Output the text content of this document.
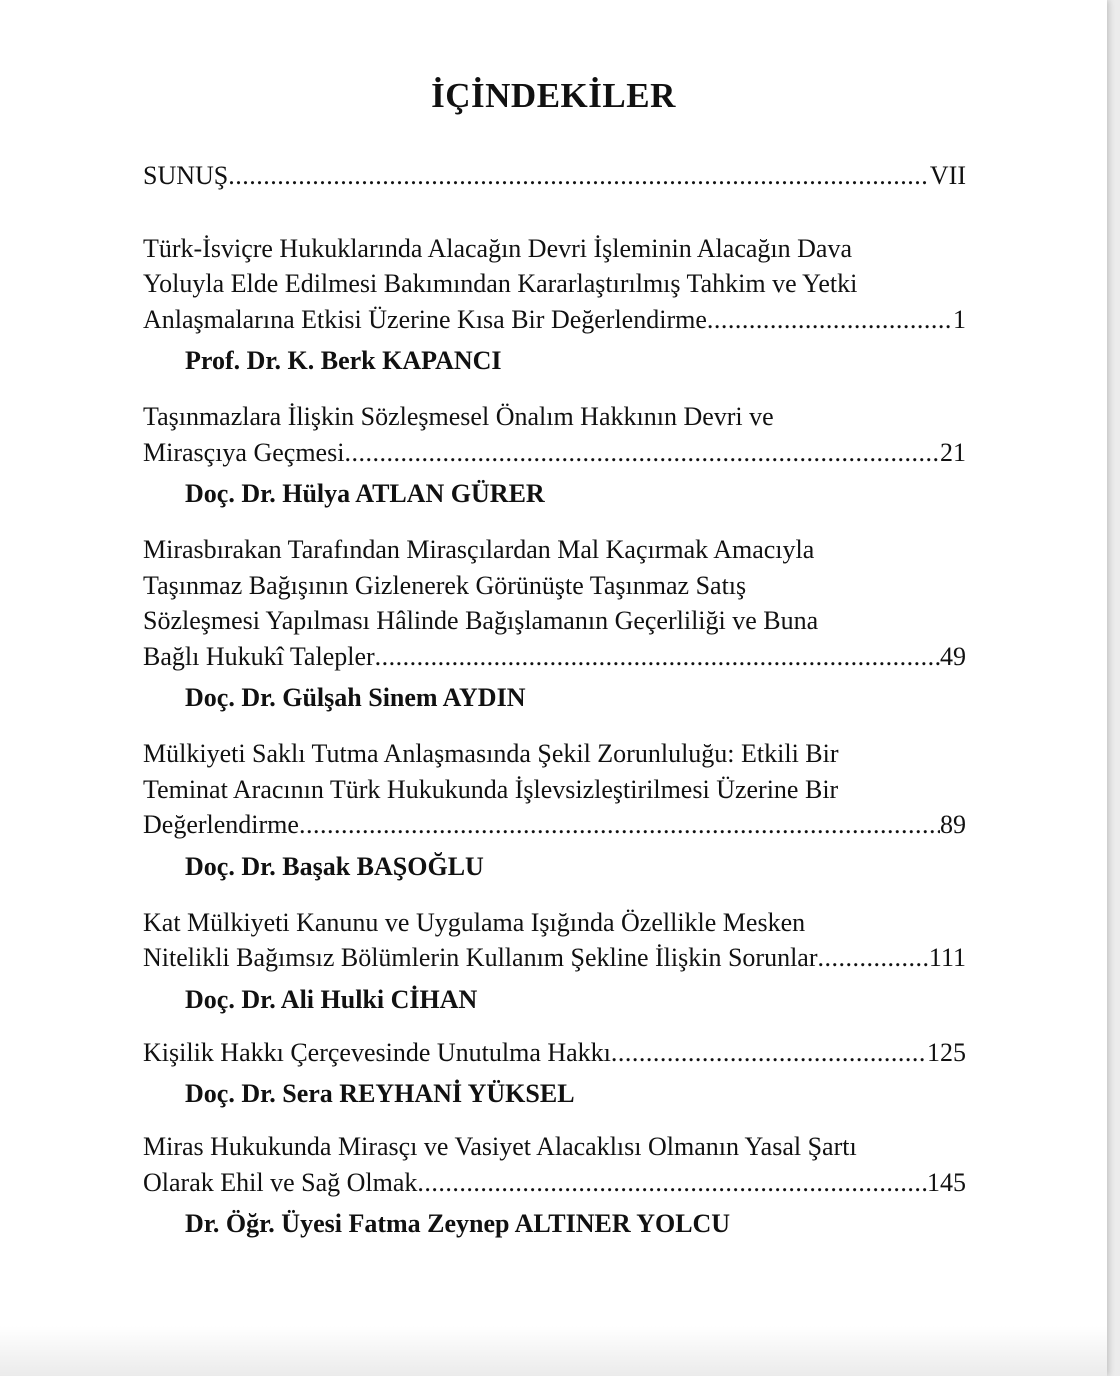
İÇİNDEKİLER
SUNUŞ .....	VII
Türk-İsviçre Hukuklarında Alacağın Devri İşleminin Alacağın Dava
Yoluyla Elde Edilmesi Bakımından Kararlaştırılmış Tahkim ve Yetki
Anlaşmalarına Etkisi Üzerine Kısa Bir Değerlendirme .....	1
Prof. Dr. K. Berk KAPANCI
Taşınmazlara İlişkin Sözleşmesel Önalım Hakkının Devri ve
Mirasçıya Geçmesi .....	21
Doç. Dr. Hülya ATLAN GÜRER
Mirasbırakan Tarafından Mirasçılardan Mal Kaçırmak Amacıyla
Taşınmaz Bağışının Gizlenerek Görünüşte Taşınmaz Satış
Sözleşmesi Yapılması Hâlinde Bağışlamanın Geçerliliği ve Buna
Bağlı Hukukî Talepler .....	49
Doç. Dr. Gülşah Sinem AYDIN
Mülkiyeti Saklı Tutma Anlaşmasında Şekil Zorunluluğu: Etkili Bir
Teminat Aracının Türk Hukukunda İşlevsizleştirilmesi Üzerine Bir
Değerlendirme .....	89
Doç. Dr. Başak BAŞOĞLU
Kat Mülkiyeti Kanunu ve Uygulama Işığında Özellikle Mesken
Nitelikli Bağımsız Bölümlerin Kullanım Şekline İlişkin Sorunlar .....	111
Doç. Dr. Ali Hulki CİHAN
Kişilik Hakkı Çerçevesinde Unutulma Hakkı .....	125
Doç. Dr. Sera REYHANİ YÜKSEL
Miras Hukukunda Mirasçı ve Vasiyet Alacaklısı Olmanın Yasal Şartı
Olarak Ehil ve Sağ Olmak .....	145
Dr. Öğr. Üyesi Fatma Zeynep ALTINER YOLCU
